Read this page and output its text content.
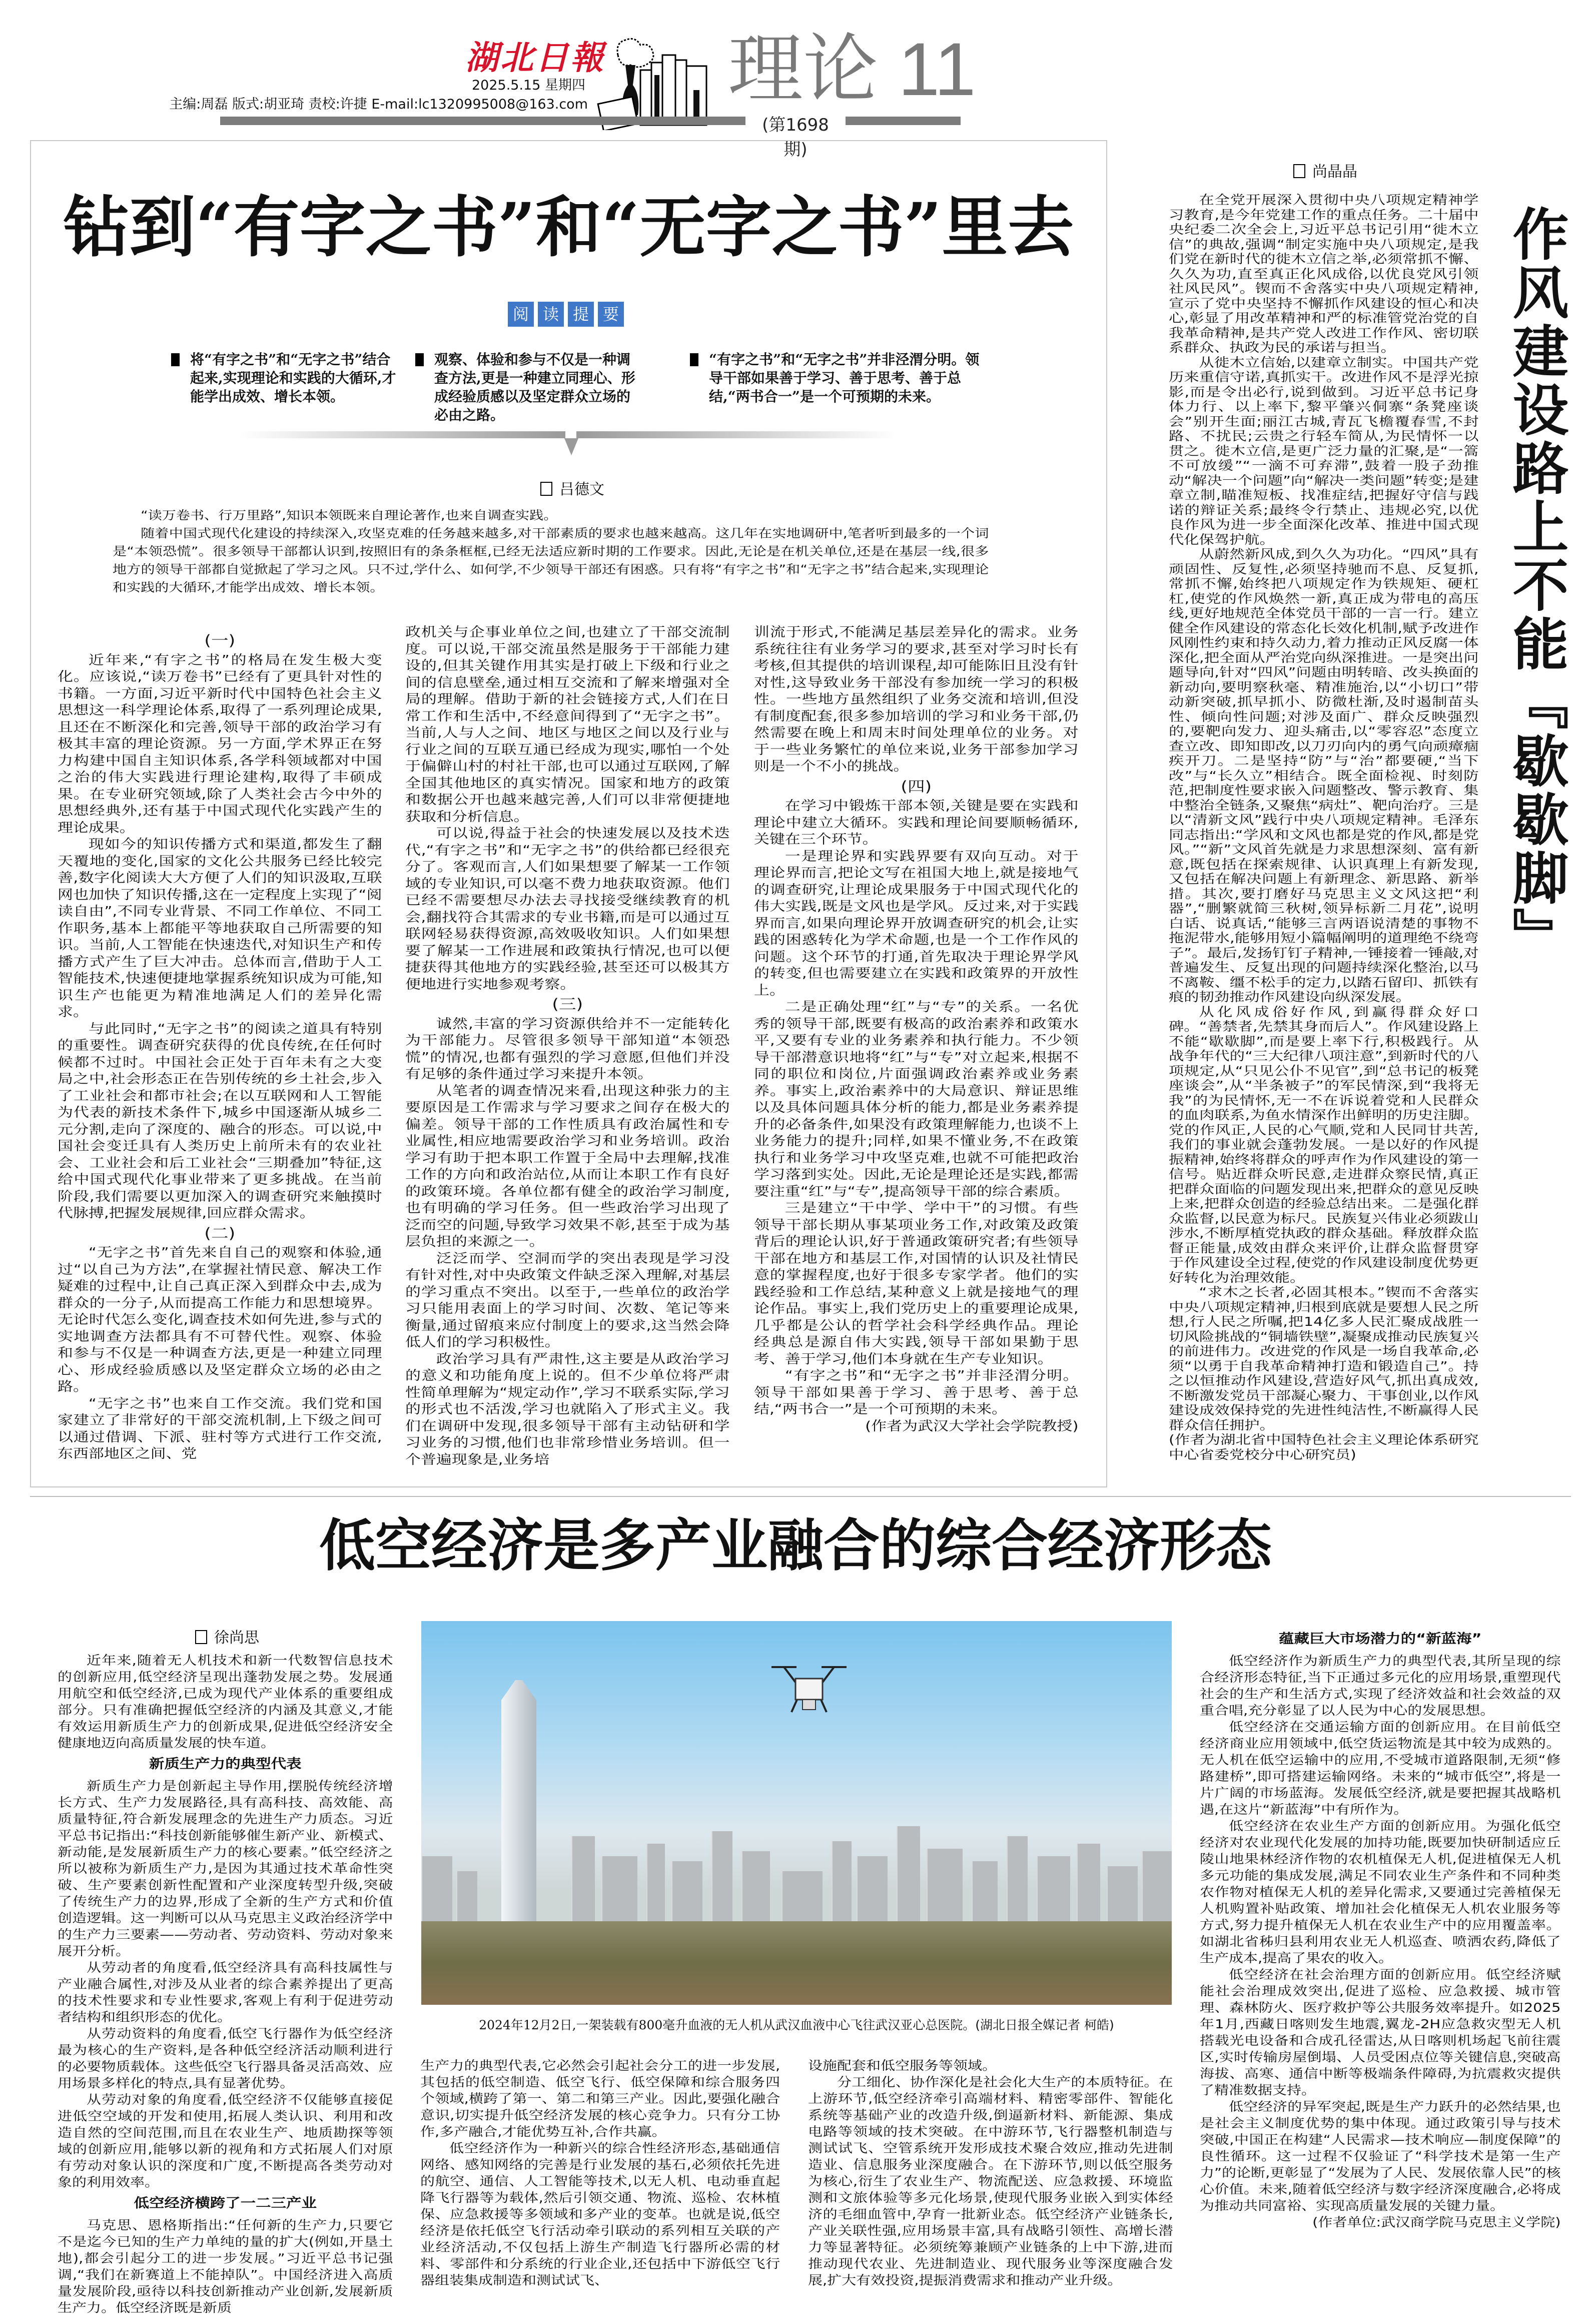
湖北日報
2025.5.15 星期四
主编:周磊 版式:胡亚琦 责校:许捷 E-mail:lc1320995008@163.com 理论 11
(第1698期)
钻到“有字之书”和“无字之书”里去
阅 读 提 要
将“有字之书”和“无字之书”结合起来,实现理论和实践的大循环,才能学出成效、增长本领。
观察、体验和参与不仅是一种调查方法,更是一种建立同理心、形成经验质感以及坚定群众立场的必由之路。
“有字之书”和“无字之书”并非泾渭分明。领导干部如果善于学习、善于思考、善于总结,“两书合一”是一个可预期的未来。
吕德文

“读万卷书、行万里路”,知识本领既来自理论著作,也来自调查实践。

随着中国式现代化建设的持续深入,攻坚克难的任务越来越多,对干部素质的要求也越来越高。这几年在实地调研中,笔者听到最多的一个词是“本领恐慌”。很多领导干部都认识到,按照旧有的条条框框,已经无法适应新时期的工作要求。因此,无论是在机关单位,还是在基层一线,很多地方的领导干部都自觉掀起了学习之风。只不过,学什么、如何学,不少领导干部还有困惑。只有将“有字之书”和“无字之书”结合起来,实现理论和实践的大循环,才能学出成效、增长本领。

(一)

近年来,“有字之书”的格局在发生极大变化。应该说,“读万卷书”已经有了更具针对性的书籍。一方面,习近平新时代中国特色社会主义思想这一科学理论体系,取得了一系列理论成果,且还在不断深化和完善,领导干部的政治学习有极其丰富的理论资源。另一方面,学术界正在努力构建中国自主知识体系,各学科领域都对中国之治的伟大实践进行理论建构,取得了丰硕成果。在专业研究领域,除了人类社会古今中外的思想经典外,还有基于中国式现代化实践产生的理论成果。

现如今的知识传播方式和渠道,都发生了翻天覆地的变化,国家的文化公共服务已经比较完善,数字化阅读大大方便了人们的知识汲取,互联网也加快了知识传播,这在一定程度上实现了“阅读自由”,不同专业背景、不同工作单位、不同工作职务,基本上都能平等地获取自己所需要的知识。当前,人工智能在快速迭代,对知识生产和传播方式产生了巨大冲击。总体而言,借助于人工智能技术,快速便捷地掌握系统知识成为可能,知识生产也能更为精准地满足人们的差异化需求。

与此同时,“无字之书”的阅读之道具有特别的重要性。调查研究获得的优良传统,在任何时候都不过时。中国社会正处于百年未有之大变局之中,社会形态正在告别传统的乡土社会,步入了工业社会和都市社会;在以互联网和人工智能为代表的新技术条件下,城乡中国逐渐从城乡二元分割,走向了深度的、融合的形态。可以说,中国社会变迁具有人类历史上前所未有的农业社会、工业社会和后工业社会“三期叠加”特征,这给中国式现代化事业带来了更多挑战。在当前阶段,我们需要以更加深入的调查研究来触摸时代脉搏,把握发展规律,回应群众需求。

(二)

“无字之书”首先来自自己的观察和体验,通过“以自己为方法”,在掌握社情民意、解决工作疑难的过程中,让自己真正深入到群众中去,成为群众的一分子,从而提高工作能力和思想境界。无论时代怎么变化,调查技术如何先进,参与式的实地调查方法都具有不可替代性。观察、体验和参与不仅是一种调查方法,更是一种建立同理心、形成经验质感以及坚定群众立场的必由之路。

“无字之书”也来自工作交流。我们党和国家建立了非常好的干部交流机制,上下级之间可以通过借调、下派、驻村等方式进行工作交流,东西部地区之间、党

政机关与企事业单位之间,也建立了干部交流制度。可以说,干部交流虽然是服务于干部能力建设的,但其关键作用其实是打破上下级和行业之间的信息壁垒,通过相互交流和了解来增强对全局的理解。借助于新的社会链接方式,人们在日常工作和生活中,不经意间得到了“无字之书”。当前,人与人之间、地区与地区之间以及行业与行业之间的互联互通已经成为现实,哪怕一个处于偏僻山村的村社干部,也可以通过互联网,了解全国其他地区的真实情况。国家和地方的政策和数据公开也越来越完善,人们可以非常便捷地获取和分析信息。

可以说,得益于社会的快速发展以及技术迭代,“有字之书”和“无字之书”的供给都已经很充分了。客观而言,人们如果想要了解某一工作领域的专业知识,可以毫不费力地获取资源。他们已经不需要想尽办法去寻找接受继续教育的机会,翻找符合其需求的专业书籍,而是可以通过互联网轻易获得资源,高效吸收知识。人们如果想要了解某一工作进展和政策执行情况,也可以便捷获得其他地方的实践经验,甚至还可以极其方便地进行实地参观考察。

(三)

诚然,丰富的学习资源供给并不一定能转化为干部能力。尽管很多领导干部知道“本领恐慌”的情况,也都有强烈的学习意愿,但他们并没有足够的条件通过学习来提升本领。

从笔者的调查情况来看,出现这种张力的主要原因是工作需求与学习要求之间存在极大的偏差。领导干部的工作性质具有政治属性和专业属性,相应地需要政治学习和业务培训。政治学习有助于把本职工作置于全局中去理解,找准工作的方向和政治站位,从而让本职工作有良好的政策环境。各单位都有健全的政治学习制度,也有明确的学习任务。但一些政治学习出现了泛而空的问题,导致学习效果不彰,甚至于成为基层负担的来源之一。

泛泛而学、空洞而学的突出表现是学习没有针对性,对中央政策文件缺乏深入理解,对基层的学习重点不突出。以至于,一些单位的政治学习只能用表面上的学习时间、次数、笔记等来衡量,通过留痕来应付制度上的要求,这当然会降低人们的学习积极性。

政治学习具有严肃性,这主要是从政治学习的意义和功能角度上说的。但不少单位将严肃性简单理解为“规定动作”,学习不联系实际,学习的形式也不活泼,学习也就陷入了形式主义。我们在调研中发现,很多领导干部有主动钻研和学习业务的习惯,他们也非常珍惜业务培训。但一个普遍现象是,业务培

训流于形式,不能满足基层差异化的需求。业务系统往往有业务学习的要求,甚至对学习时长有考核,但其提供的培训课程,却可能陈旧且没有针对性,这导致业务干部没有参加统一学习的积极性。一些地方虽然组织了业务交流和培训,但没有制度配套,很多参加培训的学习和业务干部,仍然需要在晚上和周末时间处理单位的业务。对于一些业务繁忙的单位来说,业务干部参加学习则是一个不小的挑战。

(四)

在学习中锻炼干部本领,关键是要在实践和理论中建立大循环。实践和理论间要顺畅循环,关键在三个环节。

一是理论界和实践界要有双向互动。对于理论界而言,把论文写在祖国大地上,就是接地气的调查研究,让理论成果服务于中国式现代化的伟大实践,既是文风也是学风。反过来,对于实践界而言,如果向理论界开放调查研究的机会,让实践的困惑转化为学术命题,也是一个工作作风的问题。这个环节的打通,首先取决于理论界学风的转变,但也需要建立在实践和政策界的开放性上。

二是正确处理“红”与“专”的关系。一名优秀的领导干部,既要有极高的政治素养和政策水平,又要有专业的业务素养和执行能力。不少领导干部潜意识地将“红”与“专”对立起来,根据不同的职位和岗位,片面强调政治素养或业务素养。事实上,政治素养中的大局意识、辩证思维以及具体问题具体分析的能力,都是业务素养提升的必备条件,如果没有政策理解能力,也谈不上业务能力的提升;同样,如果不懂业务,不在政策执行和业务学习中攻坚克难,也就不可能把政治学习落到实处。因此,无论是理论还是实践,都需要注重“红”与“专”,提高领导干部的综合素质。

三是建立“干中学、学中干”的习惯。有些领导干部长期从事某项业务工作,对政策及政策背后的理论认识,好于普通政策研究者;有些领导干部在地方和基层工作,对国情的认识及社情民意的掌握程度,也好于很多专家学者。他们的实践经验和工作总结,某种意义上就是接地气的理论作品。事实上,我们党历史上的重要理论成果,几乎都是公认的哲学社会科学经典作品。理论经典总是源自伟大实践,领导干部如果勤于思考、善于学习,他们本身就在生产专业知识。

“有字之书”和“无字之书”并非泾渭分明。领导干部如果善于学习、善于思考、善于总结,“两书合一”是一个可预期的未来。

(作者为武汉大学社会学院教授)

尚晶晶

在全党开展深入贯彻中央八项规定精神学习教育,是今年党建工作的重点任务。二十届中央纪委二次全会上,习近平总书记引用“徙木立信”的典故,强调“制定实施中央八项规定,是我们党在新时代的徙木立信之举,必须常抓不懈、久久为功,直至真正化风成俗,以优良党风引领社风民风”。锲而不舍落实中央八项规定精神,宣示了党中央坚持不懈抓作风建设的恒心和决心,彰显了用改革精神和严的标准管党治党的自我革命精神,是共产党人改进工作作风、密切联系群众、执政为民的承诺与担当。

从徙木立信始,以建章立制实。中国共产党历来重信守诺,真抓实干。改进作风不是浮光掠影,而是令出必行,说到做到。习近平总书记身体力行、以上率下,黎平肇兴侗寨“条凳座谈会”别开生面;丽江古城,青瓦飞檐覆春雪,不封路、不扰民;云贵之行轻车简从,为民情怀一以贯之。徙木立信,是更广泛力量的汇聚,是“一篙不可放缓”“一滴不可弃滞”,鼓着一股子劲推动“解决一个问题”向“解决一类问题”转变;是建章立制,瞄准短板、找准症结,把握好守信与践诺的辩证关系;最终令行禁止、违规必究,以优良作风为进一步全面深化改革、推进中国式现代化保驾护航。

从蔚然新风成,到久久为功化。“四风”具有顽固性、反复性,必须坚持驰而不息、反复抓,常抓不懈,始终把八项规定作为铁规矩、硬杠杠,使党的作风焕然一新,真正成为带电的高压线,更好地规范全体党员干部的一言一行。建立健全作风建设的常态化长效化机制,赋予改进作风刚性约束和持久动力,着力推动正风反腐一体深化,把全面从严治党向纵深推进。一是突出问题导向,针对“四风”问题由明转暗、改头换面的新动向,要明察秋毫、精准施治,以“小切口”带动新突破,抓早抓小、防微杜渐,及时遏制苗头性、倾向性问题;对涉及面广、群众反映强烈的,要靶向发力、迎头痛击,以“零容忍”态度立查立改、即知即改,以刀刃向内的勇气向顽瘴痼疾开刀。二是坚持“防”与“治”都要硬,“当下改”与“长久立”相结合。既全面检视、时刻防范,把制度性要求嵌入问题整改、警示教育、集中整治全链条,又聚焦“病灶”、靶向治疗。三是以“清新文风”践行中央八项规定精神。毛泽东同志指出:“学风和文风也都是党的作风,都是党风。”“新”文风首先就是力求思想深刻、富有新意,既包括在探索规律、认识真理上有新发现,又包括在解决问题上有新理念、新思路、新举措。其次,要打磨好马克思主义文风这把“利器”,“删繁就简三秋树,领异标新二月花”,说明白话、说真话,“能够三言两语说清楚的事物不拖泥带水,能够用短小篇幅阐明的道理绝不绕弯子”。最后,发扬钉钉子精神,一锤接着一锤敲,对普遍发生、反复出现的问题持续深化整治,以马不离鞍、缰不松手的定力,以踏石留印、抓铁有痕的韧劲推动作风建设向纵深发展。

从化风成俗好作风,到赢得群众好口碑。“善禁者,先禁其身而后人”。作风建设路上不能“歇歇脚”,而是要上率下行,积极践行。从战争年代的“三大纪律八项注意”,到新时代的八项规定,从“只见公仆不见官”,到“总书记的板凳座谈会”,从“半条被子”的军民情深,到“我将无我”的为民情怀,无一不在诉说着党和人民群众的血肉联系,为鱼水情深作出鲜明的历史注脚。党的作风正,人民的心气顺,党和人民同甘共苦,我们的事业就会蓬勃发展。一是以好的作风提振精神,始终将群众的呼声作为作风建设的第一信号。贴近群众听民意,走进群众察民情,真正把群众面临的问题发现出来,把群众的意见反映上来,把群众创造的经验总结出来。二是强化群众监督,以民意为标尺。民族复兴伟业必须跋山涉水,不断厚植党执政的群众基础。释放群众监督正能量,成效由群众来评价,让群众监督贯穿于作风建设全过程,使党的作风建设制度优势更好转化为治理效能。

“求木之长者,必固其根本。”锲而不舍落实中央八项规定精神,归根到底就是要想人民之所想,行人民之所嘱,把14亿多人民汇聚成战胜一切风险挑战的“铜墙铁壁”,凝聚成推动民族复兴的前进伟力。改进党的作风是一场自我革命,必须“以勇于自我革命精神打造和锻造自己”。持之以恒推动作风建设,营造好风气,抓出真成效,不断激发党员干部凝心聚力、干事创业,以作风建设成效保持党的先进性纯洁性,不断赢得人民群众信任拥护。

(作者为湖北省中国特色社会主义理论体系研究中心省委党校分中心研究员)

作风建设路上不能『歇歇脚』
低空经济是多产业融合的综合经济形态
徐尚思

近年来,随着无人机技术和新一代数智信息技术的创新应用,低空经济呈现出蓬勃发展之势。发展通用航空和低空经济,已成为现代产业体系的重要组成部分。只有准确把握低空经济的内涵及其意义,才能有效运用新质生产力的创新成果,促进低空经济安全健康地迈向高质量发展的快车道。

新质生产力的典型代表

新质生产力是创新起主导作用,摆脱传统经济增长方式、生产力发展路径,具有高科技、高效能、高质量特征,符合新发展理念的先进生产力质态。习近平总书记指出:“科技创新能够催生新产业、新模式、新动能,是发展新质生产力的核心要素。”低空经济之所以被称为新质生产力,是因为其通过技术革命性突破、生产要素创新性配置和产业深度转型升级,突破了传统生产力的边界,形成了全新的生产方式和价值创造逻辑。这一判断可以从马克思主义政治经济学中的生产力三要素——劳动者、劳动资料、劳动对象来展开分析。

从劳动者的角度看,低空经济具有高科技属性与产业融合属性,对涉及从业者的综合素养提出了更高的技术性要求和专业性要求,客观上有利于促进劳动者结构和组织形态的优化。

从劳动资料的角度看,低空飞行器作为低空经济最为核心的生产资料,是各种低空经济活动顺利进行的必要物质载体。这些低空飞行器具备灵活高效、应用场景多样化的特点,具有显著优势。

从劳动对象的角度看,低空经济不仅能够直接促进低空空域的开发和使用,拓展人类认识、利用和改造自然的空间范围,而且在农业生产、地质勘探等领域的创新应用,能够以新的视角和方式拓展人们对原有劳动对象认识的深度和广度,不断提高各类劳动对象的利用效率。

低空经济横跨了一二三产业

马克思、恩格斯指出:“任何新的生产力,只要它不是迄今已知的生产力单纯的量的扩大(例如,开垦土地),都会引起分工的进一步发展。”习近平总书记强调,“我们在新赛道上不能掉队”。中国经济进入高质量发展阶段,亟待以科技创新推动产业创新,发展新质生产力。低空经济既是新质

2024年12月2日,一架装载有800毫升血液的无人机从武汉血液中心飞往武汉亚心总医院。(湖北日报全媒记者 柯皓)

生产力的典型代表,它必然会引起社会分工的进一步发展,其包括的低空制造、低空飞行、低空保障和综合服务四个领域,横跨了第一、第二和第三产业。因此,要强化融合意识,切实提升低空经济发展的核心竞争力。只有分工协作,多产融合,才能优势互补,合作共赢。

低空经济作为一种新兴的综合性经济形态,基础通信网络、感知网络的完善是行业发展的基石,必须依托先进的航空、通信、人工智能等技术,以无人机、电动垂直起降飞行器等为载体,然后引领交通、物流、巡检、农林植保、应急救援等多领域和多产业的变革。也就是说,低空经济是依托低空飞行活动牵引联动的系列相互关联的产业经济活动,不仅包括上游生产制造飞行器所必需的材料、零部件和分系统的行业企业,还包括中下游低空飞行器组装集成制造和测试试飞、

设施配套和低空服务等领域。

分工细化、协作深化是社会化大生产的本质特征。在上游环节,低空经济牵引高端材料、精密零部件、智能化系统等基础产业的改造升级,倒逼新材料、新能源、集成电路等领域的技术突破。在中游环节,飞行器整机制造与测试试飞、空管系统开发形成技术聚合效应,推动先进制造业、信息服务业深度融合。在下游环节,则以低空服务为核心,衍生了农业生产、物流配送、应急救援、环境监测和文旅体验等多元化场景,使现代服务业嵌入到实体经济的毛细血管中,孕育一批新业态。低空经济产业链条长,产业关联性强,应用场景丰富,具有战略引领性、高增长潜力等显著特征。必须统筹兼顾产业链条的上中下游,进而推动现代农业、先进制造业、现代服务业等深度融合发展,扩大有效投资,提振消费需求和推动产业升级。

蕴藏巨大市场潜力的“新蓝海”

低空经济作为新质生产力的典型代表,其所呈现的综合经济形态特征,当下正通过多元化的应用场景,重塑现代社会的生产和生活方式,实现了经济效益和社会效益的双重合唱,充分彰显了以人民为中心的发展思想。

低空经济在交通运输方面的创新应用。在目前低空经济商业应用领域中,低空货运物流是其中较为成熟的。无人机在低空运输中的应用,不受城市道路限制,无须“修路建桥”,即可搭建运输网络。未来的“城市低空”,将是一片广阔的市场蓝海。发展低空经济,就是要把握其战略机遇,在这片“新蓝海”中有所作为。

低空经济在农业生产方面的创新应用。为强化低空经济对农业现代化发展的加持功能,既要加快研制适应丘陵山地果林经济作物的农机植保无人机,促进植保无人机多元功能的集成发展,满足不同农业生产条件和不同种类农作物对植保无人机的差异化需求,又要通过完善植保无人机购置补贴政策、增加社会化植保无人机农业服务等方式,努力提升植保无人机在农业生产中的应用覆盖率。如湖北省秭归县利用农业无人机巡查、喷洒农药,降低了生产成本,提高了果农的收入。

低空经济在社会治理方面的创新应用。低空经济赋能社会治理成效突出,促进了巡检、应急救援、城市管理、森林防火、医疗救护等公共服务效率提升。如2025年1月,西藏日喀则发生地震,翼龙-2H应急救灾型无人机搭载光电设备和合成孔径雷达,从日喀则机场起飞前往震区,实时传输房屋倒塌、人员受困点位等关键信息,突破高海拔、高寒、通信中断等极端条件障碍,为抗震救灾提供了精准数据支持。

低空经济的异军突起,既是生产力跃升的必然结果,也是社会主义制度优势的集中体现。通过政策引导与技术突破,中国正在构建“人民需求—技术响应—制度保障”的良性循环。这一过程不仅验证了“科学技术是第一生产力”的论断,更彰显了“发展为了人民、发展依靠人民”的核心价值。未来,随着低空经济与数字经济深度融合,必将成为推动共同富裕、实现高质量发展的关键力量。

(作者单位:武汉商学院马克思主义学院)
